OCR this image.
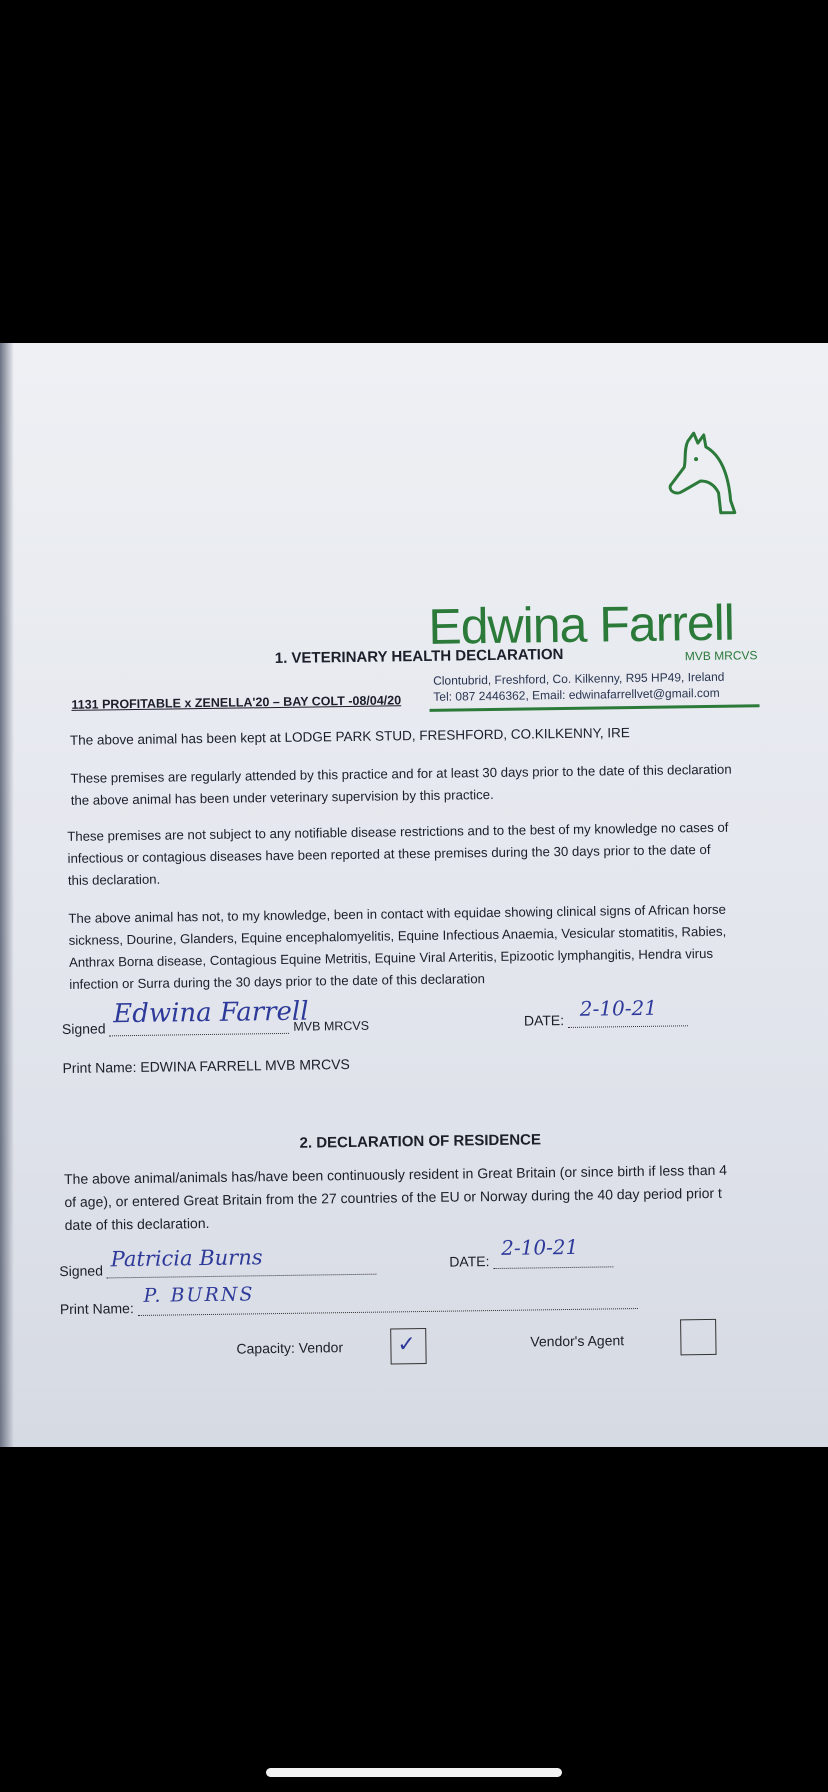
Edwina Farrell
MVB MRCVS
Clontubrid, Freshford, Co. Kilkenny, R95 HP49, Ireland
Tel: 087 2446362, Email: edwinafarrellvet@gmail.com
1. VETERINARY HEALTH DECLARATION
1131 PROFITABLE x ZENELLA'20 – BAY COLT -08/04/20
The above animal has been kept at LODGE PARK STUD, FRESHFORD, CO.KILKENNY, IRE
These premises are regularly attended by this practice and for at least 30 days prior to the date of this declaration
the above animal has been under veterinary supervision by this practice.
These premises are not subject to any notifiable disease restrictions and to the best of my knowledge no cases of
infectious or contagious diseases have been reported at these premises during the 30 days prior to the date of
this declaration.
The above animal has not, to my knowledge, been in contact with equidae showing clinical signs of African horse
sickness, Dourine, Glanders, Equine encephalomyelitis, Equine Infectious Anaemia, Vesicular stomatitis, Rabies,
Anthrax Borna disease, Contagious Equine Metritis, Equine Viral Arteritis, Epizootic lymphangitis, Hendra virus
infection or Surra during the 30 days prior to the date of this declaration
Signed Edwina Farrell
MVB MRCVS	DATE: 2-10-21
Print Name: EDWINA FARRELL MVB MRCVS
2. DECLARATION OF RESIDENCE
The above animal/animals has/have been continuously resident in Great Britain (or since birth if less than 4
of age), or entered Great Britain from the 27 countries of the EU or Norway during the 40 day period prior t
date of this declaration.
Signed Patricia Burns	DATE:
2-10-21
Print Name:
P. BURNS
Capacity: Vendor ✓	Vendor's Agent
